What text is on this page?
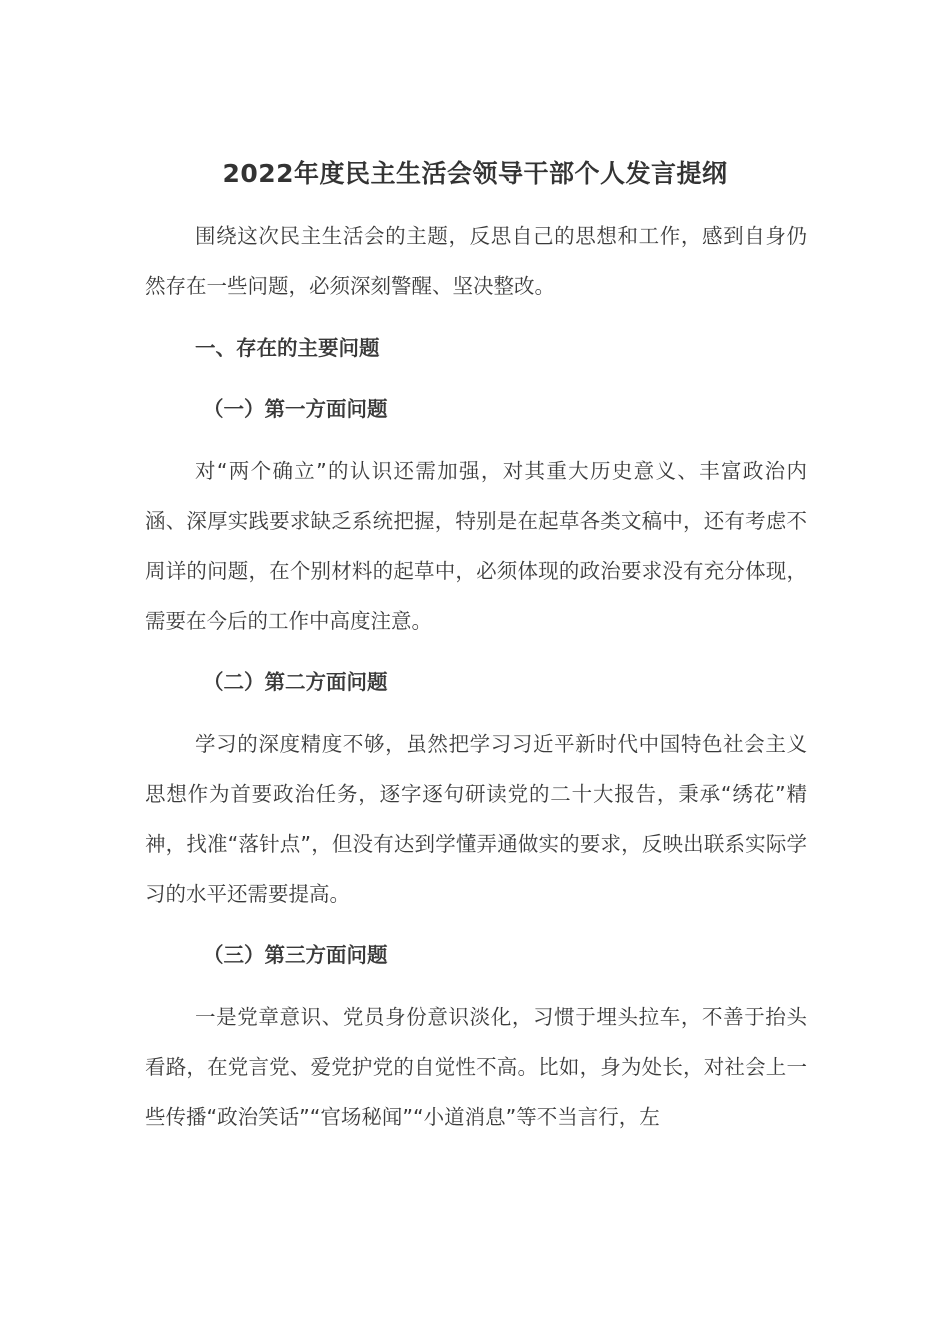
2022年度民主生活会领导干部个人发言提纲
围绕这次民主生活会的主题，反思自己的思想和工作，感到自身仍然存在一些问题，必须深刻警醒、坚决整改。
一、存在的主要问题
（一）第一方面问题
对“两个确立”的认识还需加强，对其重大历史意义、丰富政治内涵、深厚实践要求缺乏系统把握，特别是在起草各类文稿中，还有考虑不周详的问题，在个别材料的起草中，必须体现的政治要求没有充分体现，需要在今后的工作中高度注意。
（二）第二方面问题
学习的深度精度不够，虽然把学习习近平新时代中国特色社会主义思想作为首要政治任务，逐字逐句研读党的二十大报告，秉承“绣花”精神，找准“落针点”，但没有达到学懂弄通做实的要求，反映出联系实际学习的水平还需要提高。
（三）第三方面问题
一是党章意识、党员身份意识淡化，习惯于埋头拉车，不善于抬头看路，在党言党、爱党护党的自觉性不高。比如，身为处长，对社会上一些传播“政治笑话”“官场秘闻”“小道消息”等不当言行，左
